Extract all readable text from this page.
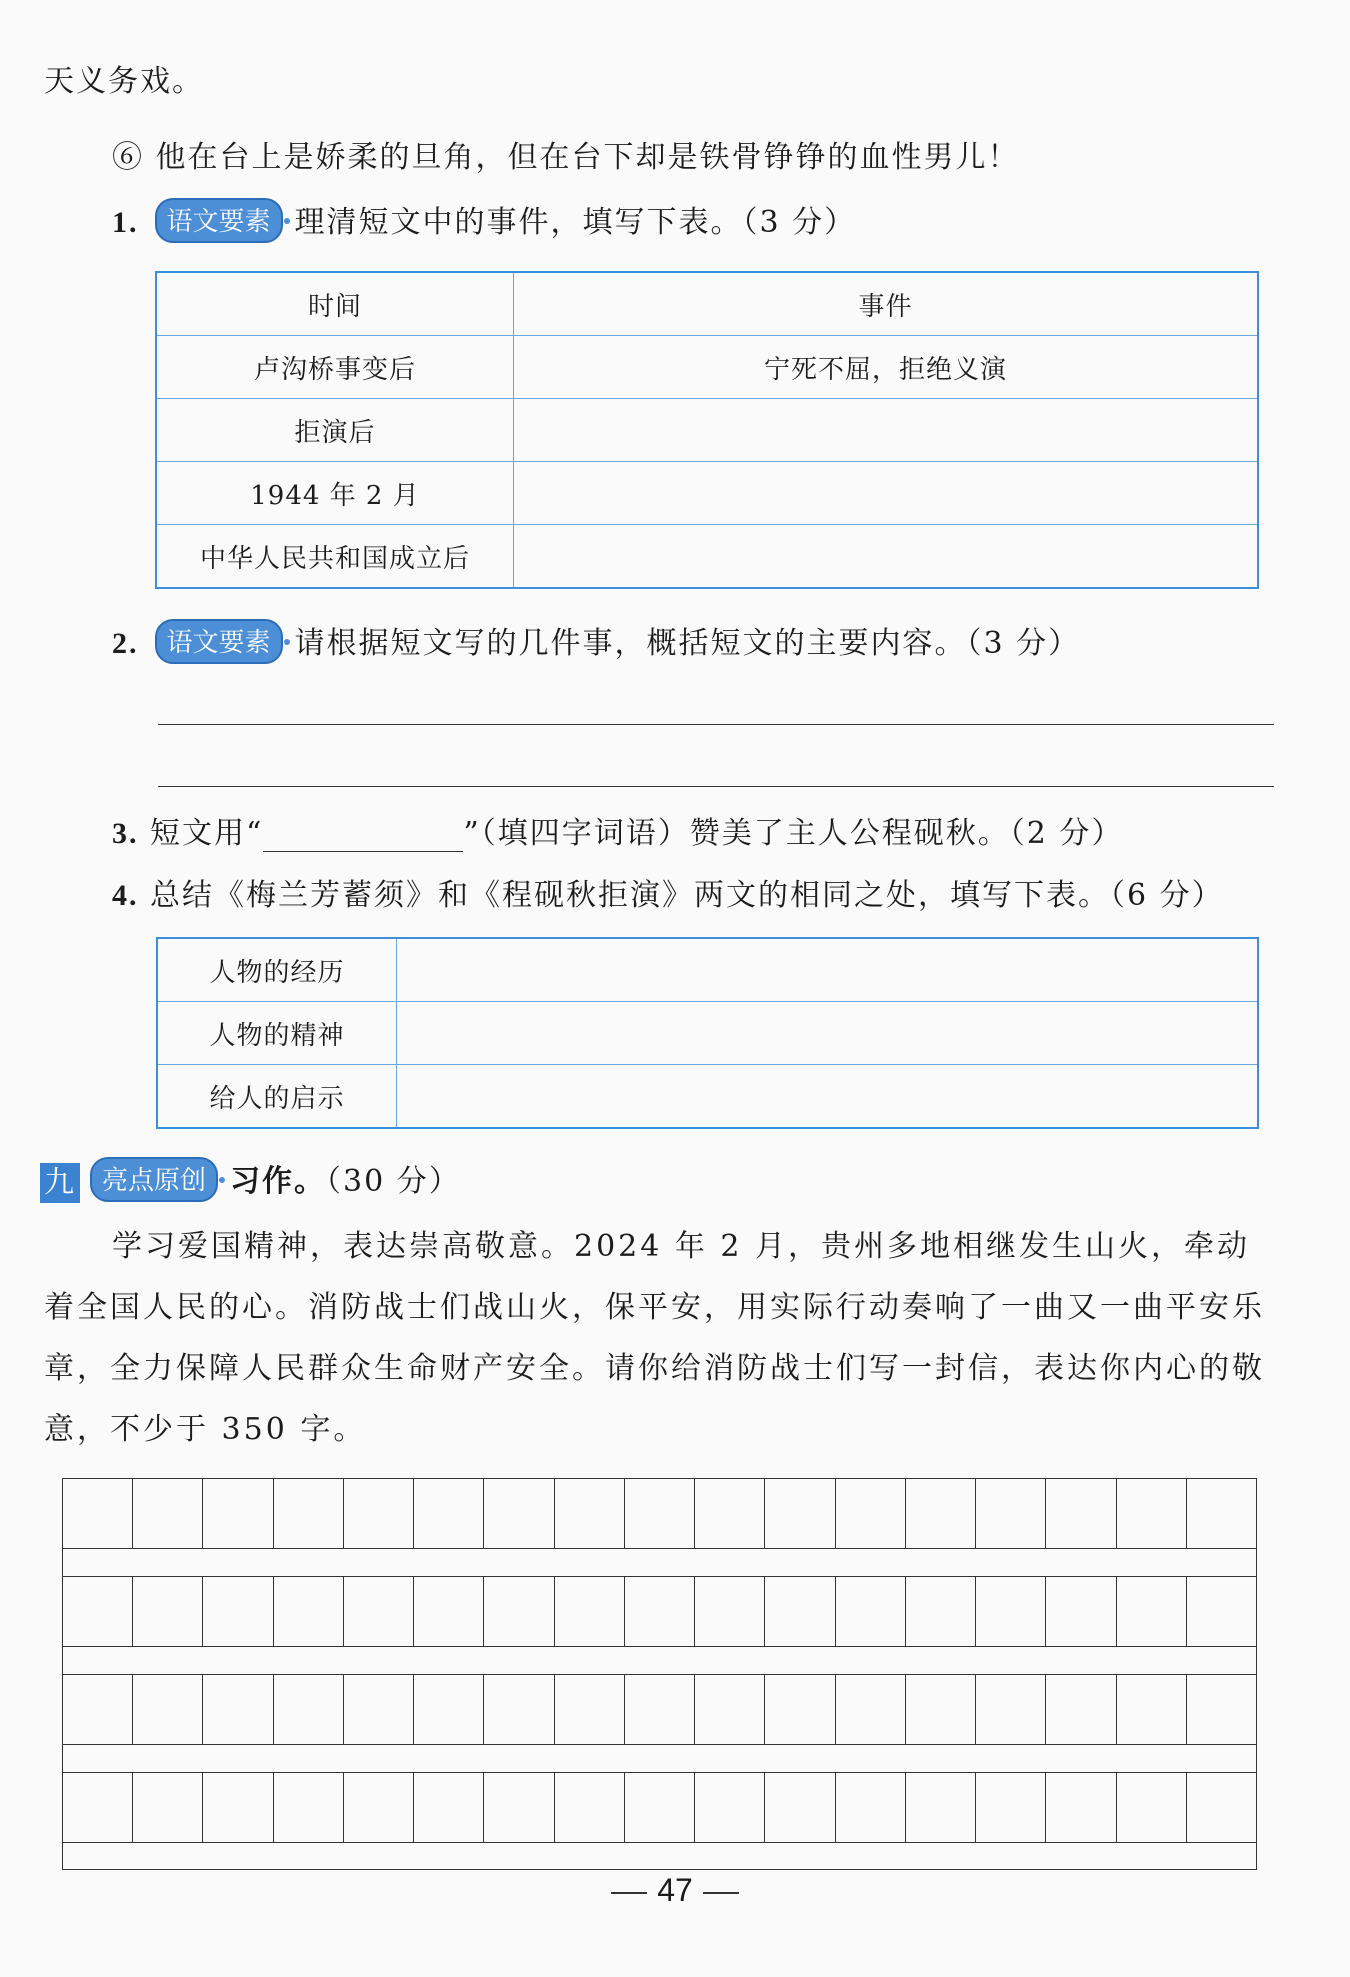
天义务戏。
⑥ 他在台上是娇柔的旦角，但在台下却是铁骨铮铮的血性男儿！
1. 语文要素 理清短文中的事件，填写下表。（3 分）
时间	事件
卢沟桥事变后	宁死不屈，拒绝义演
拒演后	
1944 年 2 月	
中华人民共和国成立后	
2. 语文要素 请根据短文写的几件事，概括短文的主要内容。（3 分）
3. 短文用“	”（填四字词语）赞美了主人公程砚秋。（2 分）
4. 总结《梅兰芳蓄须》和《程砚秋拒演》两文的相同之处，填写下表。（6 分）
人物的经历	
人物的精神	
给人的启示	
九 亮点原创 习作。（30 分）
学习爱国精神，表达崇高敬意。2024 年 2 月，贵州多地相继发生山火，牵动着全国人民的心。消防战士们战山火，保平安，用实际行动奏响了一曲又一曲平安乐章，全力保障人民群众生命财产安全。请你给消防战士们写一封信，表达你内心的敬意，不少于 350 字。

47
